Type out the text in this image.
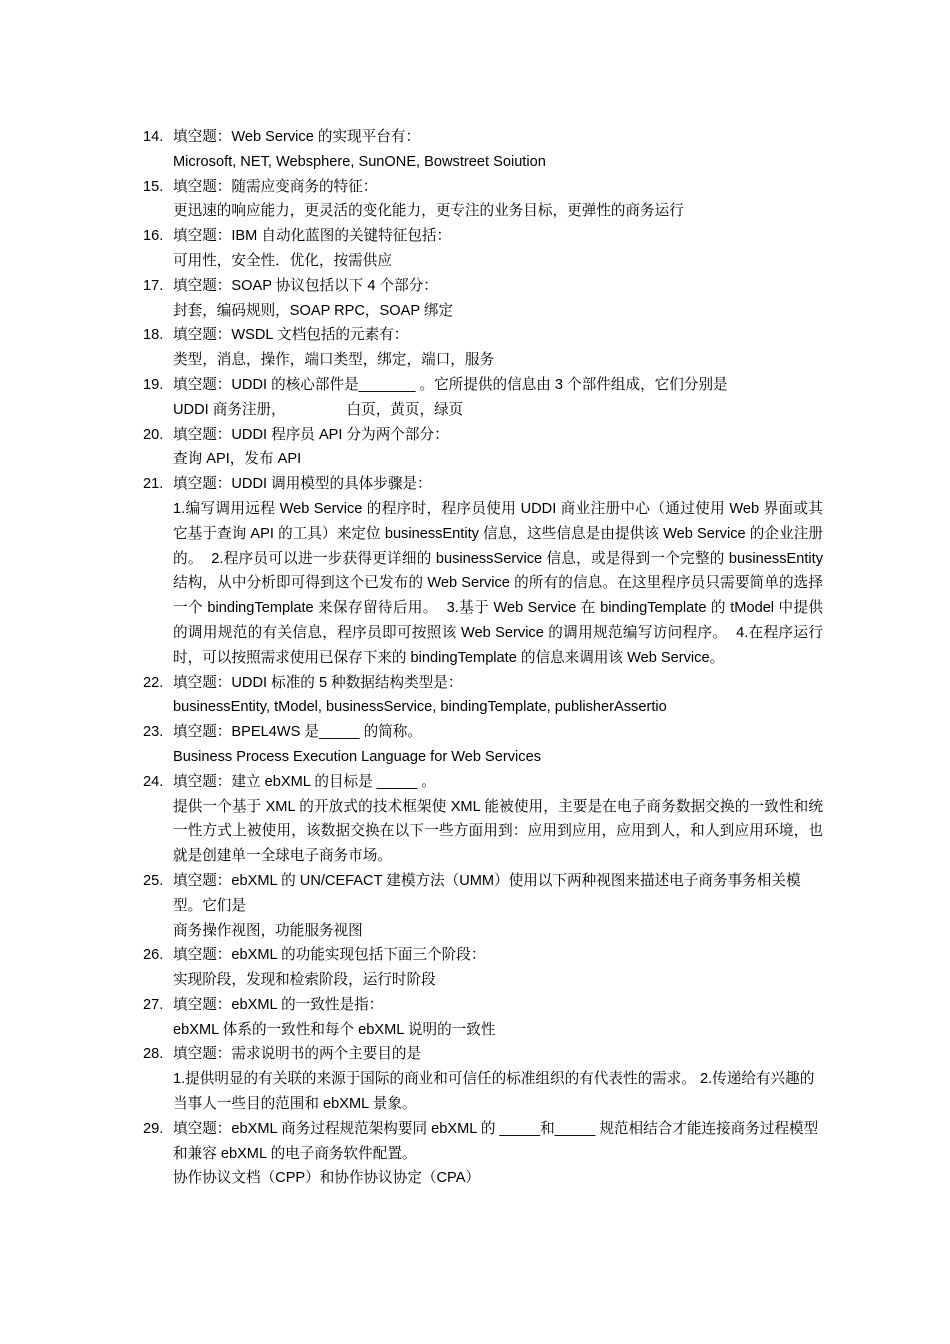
14. 填空题：Web Service 的实现平台有：
Microsoft, NET, Websphere, SunONE, Bowstreet Soiution
15. 填空题：随需应变商务的特征：
更迅速的响应能力，更灵活的变化能力，更专注的业务目标，更弹性的商务运行
16. 填空题：IBM 自动化蓝图的关键特征包括：
可用性，安全性．优化，按需供应
17. 填空题：SOAP 协议包括以下 4 个部分：
封套，编码规则，SOAP RPC，SOAP 绑定
18. 填空题：WSDL 文档包括的元素有：
类型，消息，操作，端口类型，绑定，端口，服务
19. 填空题：UDDI 的核心部件是_______ 。它所提供的信息由 3 个部件组成，它们分别是
UDDI 商务注册，               白页，黄页，绿页
20. 填空题：UDDI 程序员 API 分为两个部分：
查询 API，发布 API
21. 填空题：UDDI 调用模型的具体步骤是：
1.编写调用远程 Web Service 的程序时，程序员使用 UDDI 商业注册中心（通过使用 Web 界面或其它基于查询 API 的工具）来定位 businessEntity 信息，这些信息是由提供该 Web Service 的企业注册的。  2.程序员可以进一步获得更详细的 businessService 信息，或是得到一个完整的 businessEntity 结构，从中分析即可得到这个已发布的 Web Service 的所有的信息。在这里程序员只需要简单的选择一个 bindingTemplate 来保存留待后用。  3.基于 Web Service 在 bindingTemplate 的 tModel 中提供的调用规范的有关信息，程序员即可按照该 Web Service 的调用规范编写访问程序。  4.在程序运行时，可以按照需求使用已保存下来的 bindingTemplate 的信息来调用该 Web Service。
22. 填空题：UDDI 标准的 5 种数据结构类型是：
businessEntity, tModel, businessService, bindingTemplate, publisherAssertio
23. 填空题：BPEL4WS 是_____ 的简称。
Business Process Execution Language for Web Services
24. 填空题：建立 ebXML 的目标是 _____ 。
提供一个基于 XML 的开放式的技术框架使 XML 能被使用，主要是在电子商务数据交换的一致性和统一性方式上被使用，该数据交换在以下一些方面用到：应用到应用，应用到人，和人到应用环境，也就是创建单一全球电子商务市场。
25. 填空题：ebXML 的 UN/CEFACT 建模方法（UMM）使用以下两种视图来描述电子商务事务相关模型。它们是
商务操作视图，功能服务视图
26. 填空题：ebXML 的功能实现包括下面三个阶段：
实现阶段，发现和检索阶段，运行时阶段
27. 填空题：ebXML 的一致性是指：
ebXML 体系的一致性和每个 ebXML 说明的一致性
28. 填空题：需求说明书的两个主要目的是
1.提供明显的有关联的来源于国际的商业和可信任的标准组织的有代表性的需求。 2.传递给有兴趣的当事人一些目的范围和 ebXML 景象。
29. 填空题：ebXML 商务过程规范架构要同 ebXML 的 _____和_____ 规范相结合才能连接商务过程模型和兼容 ebXML 的电子商务软件配置。
协作协议文档（CPP）和协作协议协定（CPA）
